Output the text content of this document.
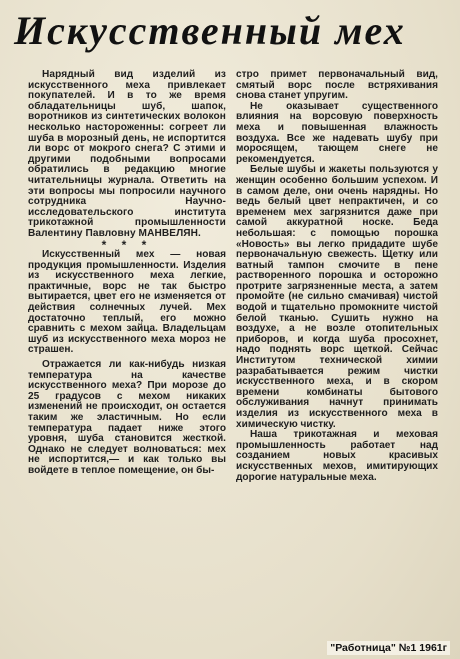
Искусственный мех

Нарядный вид изделий из искусственного меха привлекает покупателей. И в то же время обладательницы шуб, шапок, воротников из синтетических волокон несколько настороженны: согреет ли шуба в морозный день, не испортится ли ворс от мокрого снега? С этими и другими подобными вопросами обратились в редакцию многие читательницы журнала. Ответить на эти вопросы мы попросили научного сотрудника Научно-исследовательского института трикотажной промышленности Валентину Павловну МАНВЕЛЯН.

* * *

Искусственный мех — новая продукция промышленности. Изделия из искусственного меха легкие, практичные, ворс не так быстро вытирается, цвет его не изменяется от действия солнечных лучей. Мех достаточно теплый, его можно сравнить с мехом зайца. Владельцам шуб из искусственного меха мороз не страшен.

Отражается ли как-нибудь низкая температура на качестве искусственного меха? При морозе до 25 градусов с мехом никаких изменений не происходит, он остается таким же эластичным. Но если температура падает ниже этого уровня, шуба становится жесткой. Однако не следует волноваться: мех не испортится,— и как только вы войдете в теплое помещение, он бы-

стро примет первоначальный вид, смятый ворс после встряхивания снова станет упругим.

Не оказывает существенного влияния на ворсовую поверхность меха и повышенная влажность воздуха. Все же надевать шубу при моросящем, тающем снеге не рекомендуется.

Белые шубы и жакеты пользуются у женщин особенно большим успехом. И в самом деле, они очень нарядны. Но ведь белый цвет непрактичен, и со временем мех загрязнится даже при самой аккуратной носке. Беда небольшая: с помощью порошка «Новость» вы легко придадите шубе первоначальную свежесть. Щетку или ватный тампон смочите в пене растворенного порошка и осторожно протрите загрязненные места, а затем промойте (не сильно смачивая) чистой водой и тщательно промокните чистой белой тканью. Сушить нужно на воздухе, а не возле отопительных приборов, и когда шуба просохнет, надо поднять ворс щеткой. Сейчас Институтом технической химии разрабатывается режим чистки искусственного меха, и в скором времени комбинаты бытового обслуживания начнут принимать изделия из искусственного меха в химическую чистку.

Наша трикотажная и меховая промышленность работает над созданием новых красивых искусственных мехов, имитирующих дорогие натуральные меха.

"Работница" №1 1961г
